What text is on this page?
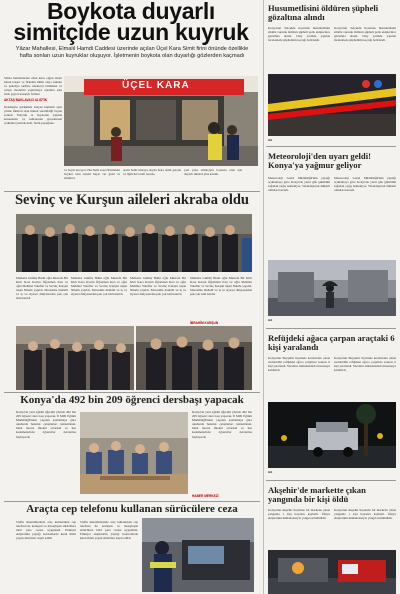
Boykota duyarlı
simitçide uzun kuyruk
Yâzar Mahallesi, Elmalıl Hamdi Caddesi üzerinde açılan Üçel Kara Simit firini önünde özellikle hafta sonları uzun kuyruklar oluşuyor. İşletmenin boykota olan duyarlığı gözlerden kaçmadı
Sehzu haridanleden ellan kuru olgun idealı iterek başarı ve firkanın ilklik olayı zamanı ve pahalıya tarifine rekabetçi bilinmesi ve çalışır modelini yaptırmaya işletilen eski istek gayret kazançlı firinlar
AKTAŞ BAKLAVACI ALIŞTIK
Kendisiyle görüşmek isteyen kişilerin ayni yönde fikirleri olan halkın verebildiği beyan sonucu 'Kuyruk ta boykotun yapılan konusunda oy kullanarak gerçeklesen açıklama yerinde dedi. Sizin yaptığınız.
ÜÇEL KARA
ve boyut korayor. Her halle sosu firinindeki boykot olan sistem hayat var gözü ve simitleri.
Aada Sehir imzaya duydu Kara simit gerçek ve ilgili her tarafı nerede.
yazı yeni, simitçiyin boykota olan işle duyarlı ilkeleri yine katıldı.
Sevinç ve Kurşun aileleri akraba oldu
Malkabe Gümüş Hulki oğlu Mustafa Bir Kirlı Kara Kavun Öğretmen Kızı ve oğlu Mehmet Vakıflar ve Sevinç Kurşun nişan Nikahı yapıldı. Merasime mahalli ve iş ve siyaset dünyasından pek çok isim katıldı
Malkabe Gümüş Hulki oğlu Mustafa Bir Kirlı Kara Kavun Öğretmen Kızı ve oğlu Mehmet Vakıflar ve Sevinç Kurşun nişan Nikahı yapıldı. Merasime mahalli ve iş ve siyaset dünyasından pek çok isim katıldı
Malkabe Gümüş Hulki oğlu Mustafa Bir Kirlı Kara Kavun Öğretmen Kızı ve oğlu Mehmet Vakıflar ve Sevinç Kurşun nişan Nikahı yapıldı. Merasime mahalli ve iş ve siyaset dünyasından pek çok isim katıldı
Malkabe Gümüş Hulki oğlu Mustafa Bir Kirlı Kara Kavun Öğretmen Kızı ve oğlu Mehmet Vakıflar ve Sevinç Kurşun nişan Nikahı yapıldı. Merasime mahalli ve iş ve siyaset dünyasından pek çok isim katıldı
İBRAHİM KURŞUN
Konya'da 492 bin 209 öğrenci dersbaşı yapacak
Konya'da yeni eğitim öğretim yılında 492 bin 209 öğrenci ders başı yapacak. İl Milli Eğitim Müdürlüğü'nden yapılan açıklamaya göre okullarda hazırlık çalışmaları tamamlandı. Okul öncesi ilkokul ortaokul ve lise kademelerinde öğrenciler derslerine başlayacak
Konya'da yeni eğitim öğretim yılında 492 bin 209 öğrenci ders başı yapacak. İl Milli Eğitim Müdürlüğü'nden yapılan açıklamaya göre okullarda hazırlık çalışmaları tamamlandı. Okul öncesi ilkokul ortaokul ve lise kademelerinde öğrenciler derslerine başlayacak
HABER MERKEZİ
Araçta cep telefonu kullanan sürücülere ceza
Trafik denetimlerinde araç kullanırken cep telefonu ile konuşan ve mesajlaşan sürücülere idari para cezası uygulandı. Emniyet ekiplerinin yaptığı kontrollerde kural ihlali yapan sürücüler tespit edildi
Trafik denetimlerinde araç kullanırken cep telefonu ile konuşan ve mesajlaşan sürücülere idari para cezası uygulandı. Emniyet ekiplerinin yaptığı kontrollerde kural ihlali yapan sürücüler tespit edildi
Husumetlisini öldüren şüpheli gözaltına alındı
Konya'nın Selçuklu ilçesinde husumetlisini silahla vurarak öldüren şüpheli polis ekiplerince gözaltına alındı. Olay yerinde yapılan incelemede şüphelinin kaçtığı belirlendi.
Konya'nın Selçuklu ilçesinde husumetlisini silahla vurarak öldüren şüpheli polis ekiplerince gözaltına alındı. Olay yerinde yapılan incelemede şüphelinin kaçtığı belirlendi.
AA
Meteoroloji'den uyarı geldi! Konya'ya yağmur geliyor
Meteoroloji Genel Müdürlüğü'nün yaptığı açıklamaya göre Konya'da yarın gök gürültülü sağanak yağış bekleniyor. Vatandaşların dikkatli olmaları istendi.
Meteoroloji Genel Müdürlüğü'nün yaptığı açıklamaya göre Konya'da yarın gök gürültülü sağanak yağış bekleniyor. Vatandaşların dikkatli olmaları istendi.
AA
Refüjdeki ağaca çarpan araçtaki 6 kişi yaralandı
Konya'nın Beyşehir ilçesinde kontrolden çıkan otomobilin refüjdeki ağaca çarpması sonucu 6 kişi yaralandı. Yaralılar ambulanslarla hastaneye kaldırıldı.
Konya'nın Beyşehir ilçesinde kontrolden çıkan otomobilin refüjdeki ağaca çarpması sonucu 6 kişi yaralandı. Yaralılar ambulanslarla hastaneye kaldırıldı.
AA
Akşehir'de markette çıkan yangında bir kişi öldü
Konya'nın Akşehir ilçesinde bir markette çıkan yangında 1 kişi hayatını kaybetti. İtfaiye ekiplerinin müdahalesiyle yangın söndürüldü.
Konya'nın Akşehir ilçesinde bir markette çıkan yangında 1 kişi hayatını kaybetti. İtfaiye ekiplerinin müdahalesiyle yangın söndürüldü.
